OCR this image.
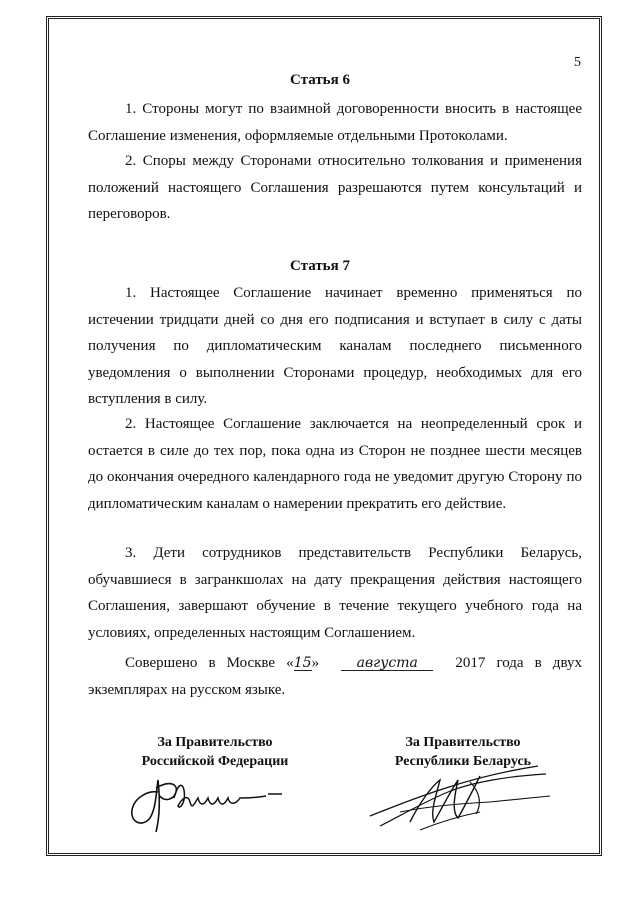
5
Статья 6

1. Стороны могут по взаимной договоренности вносить в настоящее Соглашение изменения, оформляемые отдельными Протоколами.

2. Споры между Сторонами относительно толкования и применения положений настоящего Соглашения разрешаются путем консультаций и переговоров.

Статья 7

1. Настоящее Соглашение начинает временно применяться по истечении тридцати дней со дня его подписания и вступает в силу с даты получения по дипломатическим каналам последнего письменного уведомления о выполнении Сторонами процедур, необходимых для его вступления в силу.

2. Настоящее Соглашение заключается на неопределенный срок и остается в силе до тех пор, пока одна из Сторон не позднее шести месяцев до окончания очередного календарного года не уведомит другую Сторону по дипломатическим каналам о намерении прекратить его действие.

3. Дети сотрудников представительств Республики Беларусь, обучавшиеся в загранкшолах на дату прекращения действия настоящего Соглашения, завершают обучение в течение текущего учебного года на условиях, определенных настоящим Соглашением.

Совершено в Москве «15»	августа	2017 года в двух экземплярах на русском языке.

За Правительство
Российской Федерации
За Правительство
Республики Беларусь
